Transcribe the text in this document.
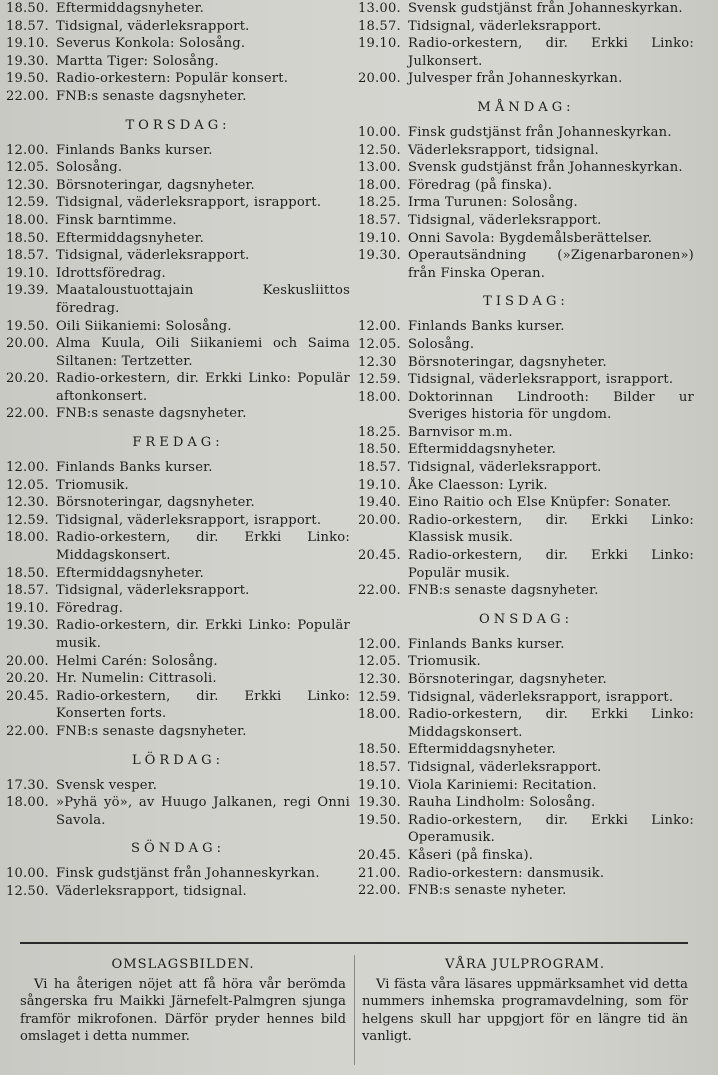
18.50. Eftermiddagsnyheter.
18.57. Tidsignal, väderleksrapport.
19.10. Severus Konkola: Solosång.
19.30. Martta Tiger: Solosång.
19.50. Radio-orkestern: Populär konsert.
22.00. FNB:s senaste dagsnyheter.
TORSDAG:
12.00. Finlands Banks kurser.
12.05. Solosång.
12.30. Börsnoteringar, dagsnyheter.
12.59. Tidsignal, väderleksrapport, israpport.
18.00. Finsk barntimme.
18.50. Eftermiddagsnyheter.
18.57. Tidsignal, väderleksrapport.
19.10. Idrottsföredrag.
19.39. Maataloustuottajain Keskusliittos föredrag.
19.50. Oili Siikaniemi: Solosång.
20.00. Alma Kuula, Oili Siikaniemi och Saima Siltanen: Tertzetter.
20.20. Radio-orkestern, dir. Erkki Linko: Populär aftonkonsert.
22.00. FNB:s senaste dagsnyheter.
FREDAG:
12.00. Finlands Banks kurser.
12.05. Triomusik.
12.30. Börsnoteringar, dagsnyheter.
12.59. Tidsignal, väderleksrapport, israpport.
18.00. Radio-orkestern, dir. Erkki Linko: Middagskonsert.
18.50. Eftermiddagsnyheter.
18.57. Tidsignal, väderleksrapport.
19.10. Föredrag.
19.30. Radio-orkestern, dir. Erkki Linko: Populär musik.
20.00. Helmi Carén: Solosång.
20.20. Hr. Numelin: Cittrasoli.
20.45. Radio-orkestern, dir. Erkki Linko: Konserten forts.
22.00. FNB:s senaste dagsnyheter.
LÖRDAG:
17.30. Svensk vesper.
18.00. »Pyhä yö», av Huugo Jalkanen, regi Onni Savola.
SÖNDAG:
10.00. Finsk gudstjänst från Johanneskyrkan.
12.50. Väderleksrapport, tidsignal.
13.00. Svensk gudstjänst från Johanneskyrkan.
18.57. Tidsignal, väderleksrapport.
19.10. Radio-orkestern, dir. Erkki Linko: Julkonsert.
20.00. Julvesper från Johanneskyrkan.
MÅNDAG:
10.00. Finsk gudstjänst från Johanneskyrkan.
12.50. Väderleksrapport, tidsignal.
13.00. Svensk gudstjänst från Johanneskyrkan.
18.00. Föredrag (på finska).
18.25. Irma Turunen: Solosång.
18.57. Tidsignal, väderleksrapport.
19.10. Onni Savola: Bygdemålsberättelser.
19.30. Operautsändning (»Zigenarbaronen») från Finska Operan.
TISDAG:
12.00. Finlands Banks kurser.
12.05. Solosång.
12.30 Börsnoteringar, dagsnyheter.
12.59. Tidsignal, väderleksrapport, israpport.
18.00. Doktorinnan Lindrooth: Bilder ur Sveriges historia för ungdom.
18.25. Barnvisor m.m.
18.50. Eftermiddagsnyheter.
18.57. Tidsignal, väderleksrapport.
19.10. Åke Claesson: Lyrik.
19.40. Eino Raitio och Else Knüpfer: Sonater.
20.00. Radio-orkestern, dir. Erkki Linko: Klassisk musik.
20.45. Radio-orkestern, dir. Erkki Linko: Populär musik.
22.00. FNB:s senaste dagsnyheter.
ONSDAG:
12.00. Finlands Banks kurser.
12.05. Triomusik.
12.30. Börsnoteringar, dagsnyheter.
12.59. Tidsignal, väderleksrapport, israpport.
18.00. Radio-orkestern, dir. Erkki Linko: Middagskonsert.
18.50. Eftermiddagsnyheter.
18.57. Tidsignal, väderleksrapport.
19.10. Viola Kariniemi: Recitation.
19.30. Rauha Lindholm: Solosång.
19.50. Radio-orkestern, dir. Erkki Linko: Operamusik.
20.45. Kåseri (på finska).
21.00. Radio-orkestern: dansmusik.
22.00. FNB:s senaste nyheter.
OMSLAGSBILDEN.
Vi ha återigen nöjet att få höra vår berömda sångerska fru Maikki Järnefelt-Palmgren sjunga framför mikrofonen. Därför pryder hennes bild omslaget i detta nummer.
VÅRA JULPROGRAM.
Vi fästa våra läsares uppmärksamhet vid detta nummers inhemska programavdelning, som för helgens skull har uppgjort för en längre tid än vanligt.
